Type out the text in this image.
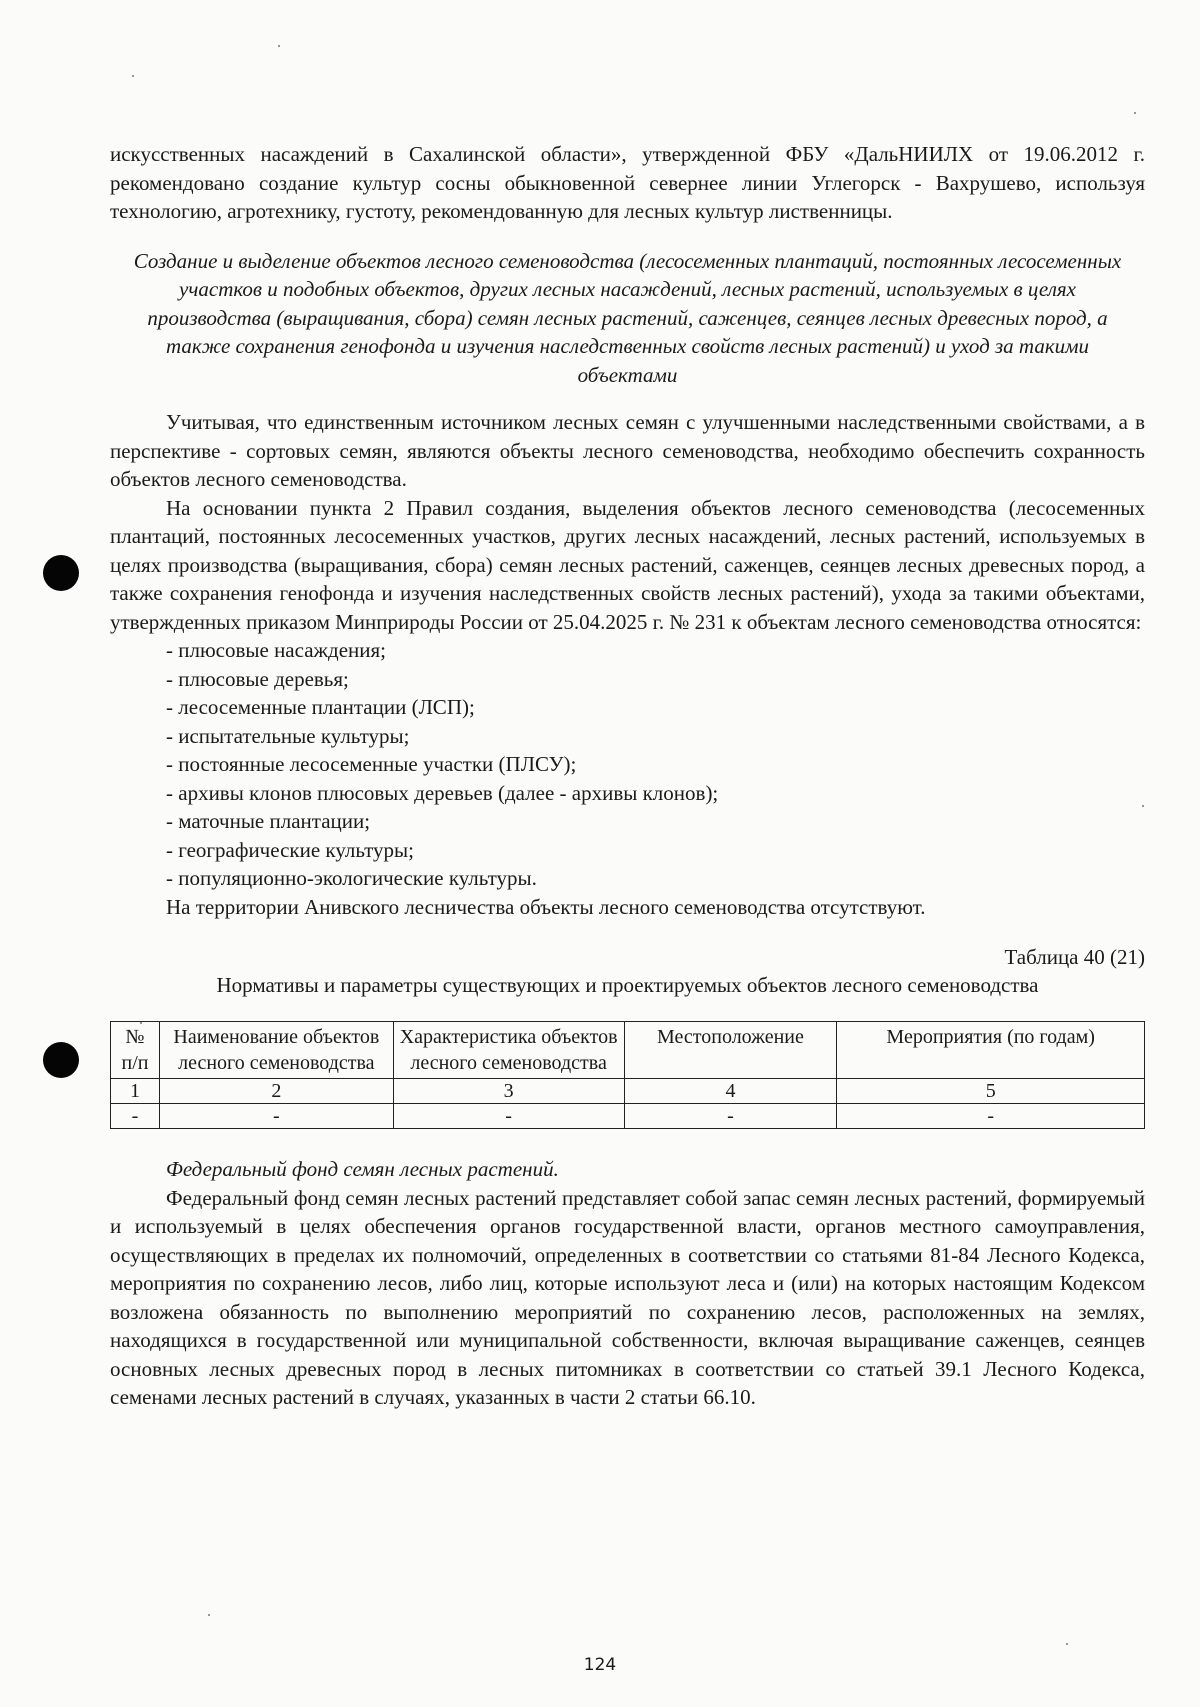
искусственных насаждений в Сахалинской области», утвержденной ФБУ «ДальНИИЛХ от 19.06.2012 г. рекомендовано создание культур сосны обыкновенной севернее линии Углегорск - Вахрушево, используя технологию, агротехнику, густоту, рекомендованную для лесных культур лиственницы.

Создание и выделение объектов лесного семеноводства (лесосеменных плантаций, постоянных лесосеменных участков и подобных объектов, других лесных насаждений, лесных растений, используемых в целях производства (выращивания, сбора) семян лесных растений, саженцев, сеянцев лесных древесных пород, а также сохранения генофонда и изучения наследственных свойств лесных растений) и уход за такими объектами

Учитывая, что единственным источником лесных семян с улучшенными наследственными свойствами, а в перспективе - сортовых семян, являются объекты лесного семеноводства, необходимо обеспечить сохранность объектов лесного семеноводства.

На основании пункта 2 Правил создания, выделения объектов лесного семеноводства (лесосеменных плантаций, постоянных лесосеменных участков, других лесных насаждений, лесных растений, используемых в целях производства (выращивания, сбора) семян лесных растений, саженцев, сеянцев лесных древесных пород, а также сохранения генофонда и изучения наследственных свойств лесных растений), ухода за такими объектами, утвержденных приказом Минприроды России от 25.04.2025 г. № 231 к объектам лесного семеноводства относятся:

- плюсовые насаждения;
- плюсовые деревья;
- лесосеменные плантации (ЛСП);
- испытательные культуры;
- постоянные лесосеменные участки (ПЛСУ);
- архивы клонов плюсовых деревьев (далее - архивы клонов);
- маточные плантации;
- географические культуры;
- популяционно-экологические культуры.

На территории Анивского лесничества объекты лесного семеноводства отсутствуют.

Таблица 40 (21)
Нормативы и параметры существующих и проектируемых объектов лесного семеноводства
№ п/п	Наименование объектов лесного семеноводства	Характеристика объектов лесного семеноводства	Местоположение	Мероприятия (по годам)
1	2	3	4	5
-	-	-	-	-

Федеральный фонд семян лесных растений.

Федеральный фонд семян лесных растений представляет собой запас семян лесных растений, формируемый и используемый в целях обеспечения органов государственной власти, органов местного самоуправления, осуществляющих в пределах их полномочий, определенных в соответствии со статьями 81-84 Лесного Кодекса, мероприятия по сохранению лесов, либо лиц, которые используют леса и (или) на которых настоящим Кодексом возложена обязанность по выполнению мероприятий по сохранению лесов, расположенных на землях, находящихся в государственной или муниципальной собственности, включая выращивание саженцев, сеянцев основных лесных древесных пород в лесных питомниках в соответствии со статьей 39.1 Лесного Кодекса, семенами лесных растений в случаях, указанных в части 2 статьи 66.10.

124
